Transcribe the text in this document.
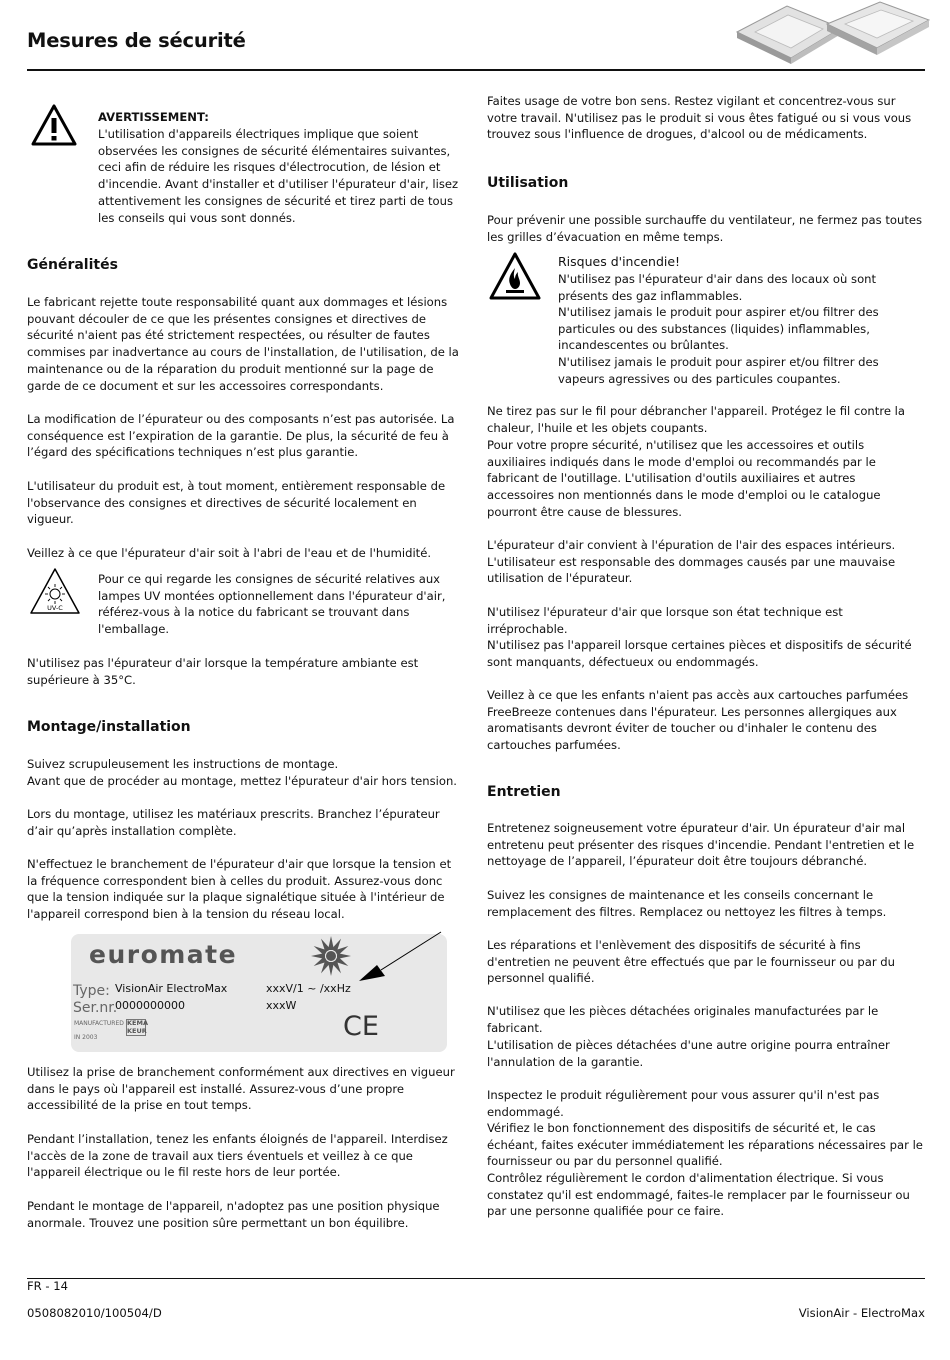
Mesures de sécurité
AVERTISSEMENT:
L'utilisation d'appareils électriques implique que soient observées les consignes de sécurité élémentaires suivantes, ceci afin de réduire les risques d'électrocution, de lésion et d'incendie. Avant d'installer et d'utiliser l'épurateur d'air, lisez attentivement les consignes de sécurité et tirez parti de tous les conseils qui vous sont donnés.
Généralités
Le fabricant rejette toute responsabilité quant aux dommages et lésions pouvant découler de ce que les présentes consignes et directives de sécurité n'aient pas été strictement respectées, ou résulter de fautes commises par inadvertance au cours de l'installation, de l'utilisation, de la maintenance ou de la réparation du produit mentionné sur la page de garde de ce document et sur les accessoires correspondants.
La modification de l’épurateur ou des composants n’est pas autorisée. La conséquence est l’expiration de la garantie. De plus, la sécurité de feu à l’égard des spécifications techniques n’est plus garantie.
L'utilisateur du produit est, à tout moment, entièrement responsable de l'observance des consignes et directives de sécurité localement en vigueur.
Veillez à ce que l'épurateur d'air soit à l'abri de l'eau et de l'humidité.
UV-C
Pour ce qui regarde les consignes de sécurité relatives aux lampes UV montées optionnellement dans l'épurateur d'air, référez-vous à la notice du fabricant se trouvant dans l'emballage.
N'utilisez pas l'épurateur d'air lorsque la température ambiante est supérieure à 35°C.
Montage/installation
Suivez scrupuleusement les instructions de montage.
Avant que de procéder au montage, mettez l'épurateur d'air hors tension.
Lors du montage, utilisez les matériaux prescrits. Branchez l’épurateur d’air qu’après installation complète.
N'effectuez le branchement de l'épurateur d'air que lorsque la tension et la fréquence correspondent bien à celles du produit. Assurez-vous donc que la tension indiquée sur la plaque signalétique située à l'intérieur de l'appareil correspond bien à la tension du réseau local.
euromate
Type: VisionAir ElectroMax	xxxV/1 ~ /xxHz
Ser.nr.
0000000000	xxxW
MANUFACTURED
IN 2003
KEMA KEUR	CE
Utilisez la prise de branchement conformément aux directives en vigueur dans le pays où l'appareil est installé. Assurez-vous d’une propre accessibilité de la prise en tout temps.
Pendant l’installation, tenez les enfants éloignés de l'appareil. Interdisez l'accès de la zone de travail aux tiers éventuels et veillez à ce que l'appareil électrique ou le fil reste hors de leur portée.
Pendant le montage de l'appareil, n'adoptez pas une position physique anormale. Trouvez une position sûre permettant un bon équilibre.
Faites usage de votre bon sens. Restez vigilant et concentrez-vous sur votre travail. N'utilisez pas le produit si vous êtes fatigué ou si vous vous trouvez sous l'influence de drogues, d'alcool ou de médicaments.
Utilisation
Pour prévenir une possible surchauffe du ventilateur, ne fermez pas toutes les grilles d’évacuation en même temps.
Risques d'incendie!
N'utilisez pas l'épurateur d'air dans des locaux où sont présents des gaz inflammables.
N'utilisez jamais le produit pour aspirer et/ou filtrer des particules ou des substances (liquides) inflammables, incandescentes ou brûlantes.
N'utilisez jamais le produit pour aspirer et/ou filtrer des vapeurs agressives ou des particules coupantes.
Ne tirez pas sur le fil pour débrancher l'appareil. Protégez le fil contre la chaleur, l'huile et les objets coupants.
Pour votre propre sécurité, n'utilisez que les accessoires et outils auxiliaires indiqués dans le mode d'emploi ou recommandés par le fabricant de l'outillage. L'utilisation d'outils auxiliaires et autres accessoires non mentionnés dans le mode d'emploi ou le catalogue pourront être cause de blessures.
L'épurateur d'air convient à l'épuration de l'air des espaces intérieurs. L'utilisateur est responsable des dommages causés par une mauvaise utilisation de l'épurateur.
N'utilisez l'épurateur d'air que lorsque son état technique est irréprochable.
N'utilisez pas l'appareil lorsque certaines pièces et dispositifs de sécurité sont manquants, défectueux ou endommagés.
Veillez à ce que les enfants n'aient pas accès aux cartouches parfumées FreeBreeze contenues dans l'épurateur. Les personnes allergiques aux aromatisants devront éviter de toucher ou d'inhaler le contenu des cartouches parfumées.
Entretien
Entretenez soigneusement votre épurateur d'air. Un épurateur d'air mal entretenu peut présenter des risques d'incendie. Pendant l'entretien et le nettoyage de l’appareil, l’épurateur doit être toujours débranché.
Suivez les consignes de maintenance et les conseils concernant le remplacement des filtres. Remplacez ou nettoyez les filtres à temps.
Les réparations et l'enlèvement des dispositifs de sécurité à fins d'entretien ne peuvent être effectués que par le fournisseur ou par du personnel qualifié.
N'utilisez que les pièces détachées originales manufacturées par le fabricant.
L'utilisation de pièces détachées d'une autre origine pourra entraîner l'annulation de la garantie.
Inspectez le produit régulièrement pour vous assurer qu'il n'est pas endommagé.
Vérifiez le bon fonctionnement des dispositifs de sécurité et, le cas échéant, faites exécuter immédiatement les réparations nécessaires par le fournisseur ou par du personnel qualifié.
Contrôlez régulièrement le cordon d'alimentation électrique. Si vous constatez qu'il est endommagé, faites-le remplacer par le fournisseur ou par une personne qualifiée pour ce faire.
FR - 14
0508082010/100504/D	VisionAir - ElectroMax
